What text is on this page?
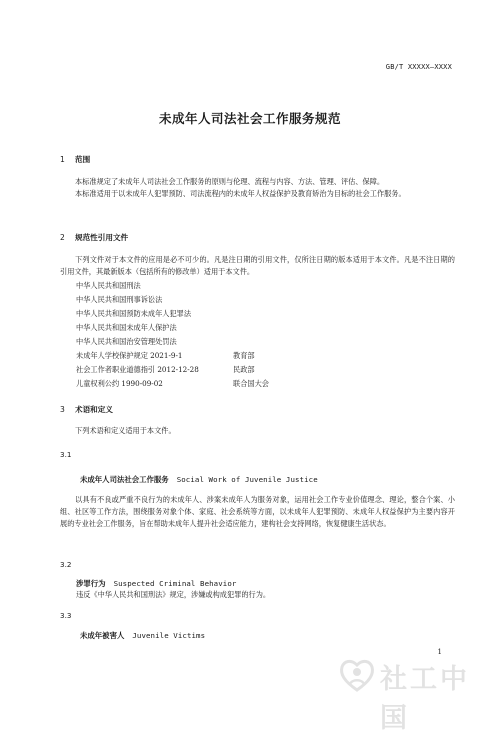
GB/T XXXXX—XXXX
未成年人司法社会工作服务规范
1 范围
本标准规定了未成年人司法社会工作服务的原则与伦理、流程与内容、方法、管理、评估、保障。
本标准适用于以未成年人犯罪预防、司法流程内的未成年人权益保护及教育矫治为目标的社会工作服务。
2 规范性引用文件
下列文件对于本文件的应用是必不可少的。凡是注日期的引用文件，仅所注日期的版本适用于本文件。凡是不注日期的引用文件，其最新版本（包括所有的修改单）适用于本文件。
中华人民共和国刑法
中华人民共和国刑事诉讼法
中华人民共和国预防未成年人犯罪法
中华人民共和国未成年人保护法
中华人民共和国治安管理处罚法
未成年人学校保护规定 2021-9-1	教育部
社会工作者职业道德指引 2012-12-28	民政部
儿童权利公约 1990-09-02	联合国大会
3 术语和定义
下列术语和定义适用于本文件。
3.1
未成年人司法社会工作服务 Social Work of Juvenile Justice
以具有不良或严重不良行为的未成年人、涉案未成年人为服务对象，运用社会工作专业价值理念、理论，整合个案、小组、社区等工作方法，围绕服务对象个体、家庭、社会系统等方面，以未成年人犯罪预防、未成年人权益保护为主要内容开展的专业社会工作服务，旨在帮助未成年人提升社会适应能力，建构社会支持网络，恢复健康生活状态。
3.2
涉罪行为 Suspected Criminal Behavior
违反《中华人民共和国刑法》规定，涉嫌或构成犯罪的行为。
3.3
未成年被害人 Juvenile Victims
1
社工中国
